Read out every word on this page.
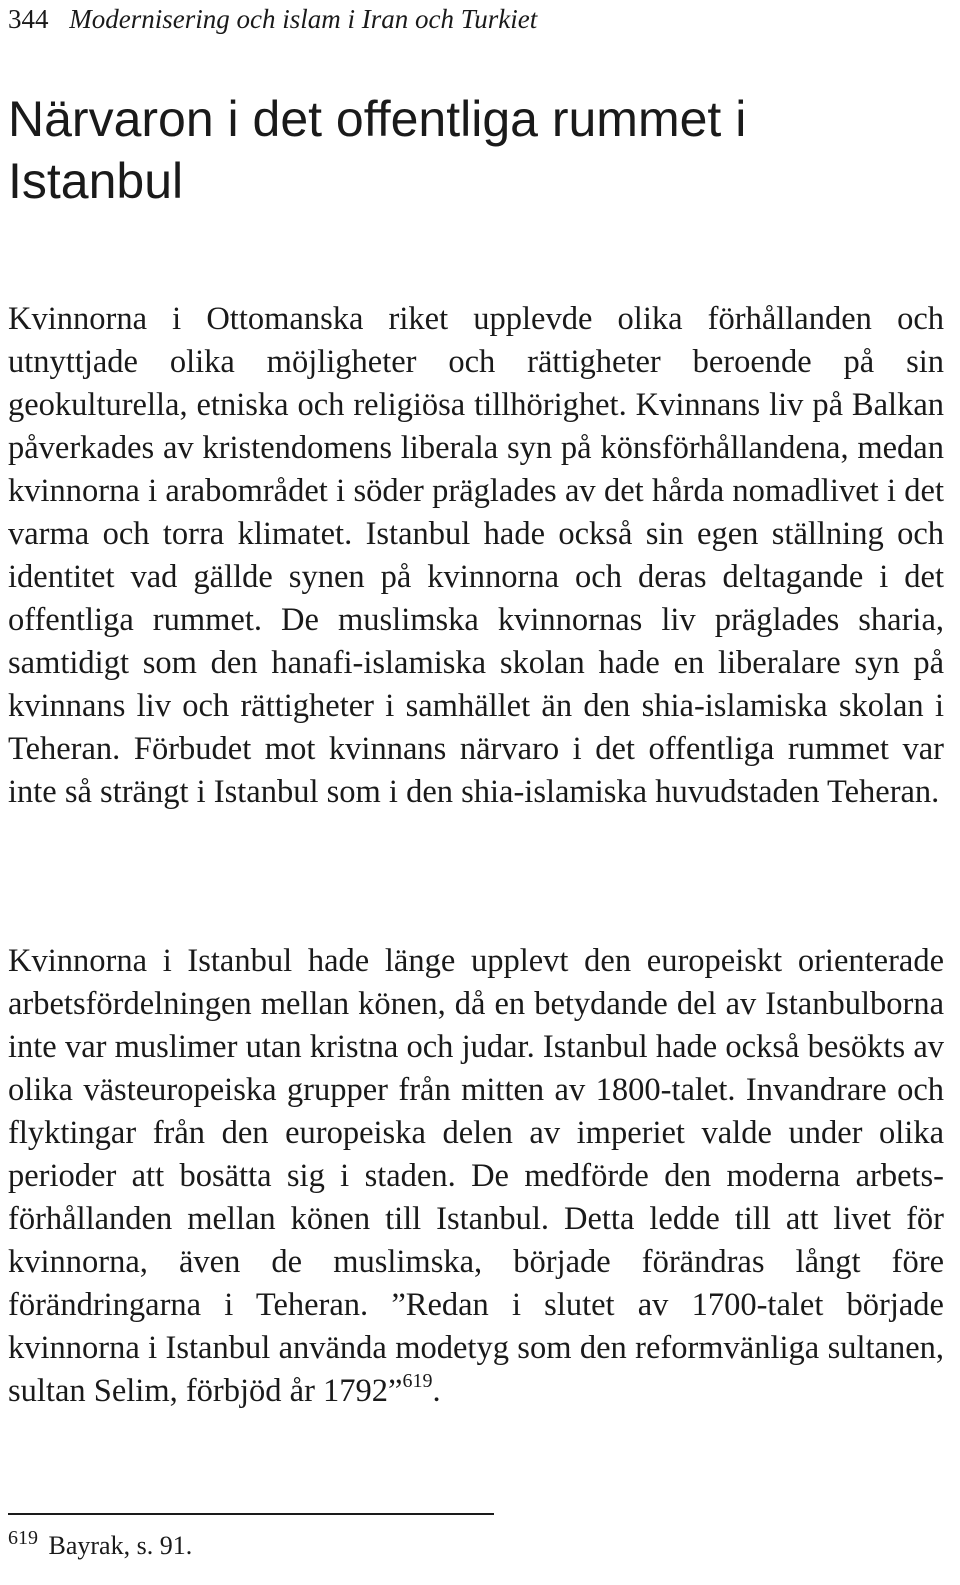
344 Modernisering och islam i Iran och Turkiet
Närvaron i det offentliga rummet i Istanbul

Kvinnorna i Ottomanska riket upplevde olika förhållanden och utnyttjade olika möjligheter och rättigheter beroende på sin geokulturella, etniska och religiösa tillhörighet. Kvinnans liv på Balkan påverkades av kristendomens liberala syn på könsförhållandena, medan kvinnorna i arabområdet i söder präglades av det hårda nomadlivet i det varma och torra klimatet. Istanbul hade också sin egen ställning och identitet vad gällde synen på kvinnorna och deras deltagande i det offentliga rummet. De muslimska kvinnornas liv präglades sharia, samtidigt som den hanafi-islamiska skolan hade en liberalare syn på kvinnans liv och rättigheter i samhället än den shia-islamiska skolan i Teheran. Förbudet mot kvinnans närvaro i det offentliga rummet var inte så strängt i Istanbul som i den shia-islamiska huvudstaden Teheran.

Kvinnorna i Istanbul hade länge upplevt den europeiskt orienterade arbetsfördelningen mellan könen, då en betydande del av Istanbulborna inte var muslimer utan kristna och judar. Istanbul hade också besökts av olika västeuropeiska grupper från mitten av 1800-talet. Invandrare och flyktingar från den europeiska delen av imperiet valde under olika perioder att bosätta sig i staden. De medförde den moderna arbetsförhållanden mellan könen till Istanbul. Detta ledde till att livet för kvinnorna, även de muslimska, började förändras långt före förändringarna i Teheran. ”Redan i slutet av 1700-talet började kvinnorna i Istanbul använda modetyg som den reformvänliga sultanen, sultan Selim, förbjöd år 1792”$^{619}$.

$^{619}$ Bayrak, s. 91.
